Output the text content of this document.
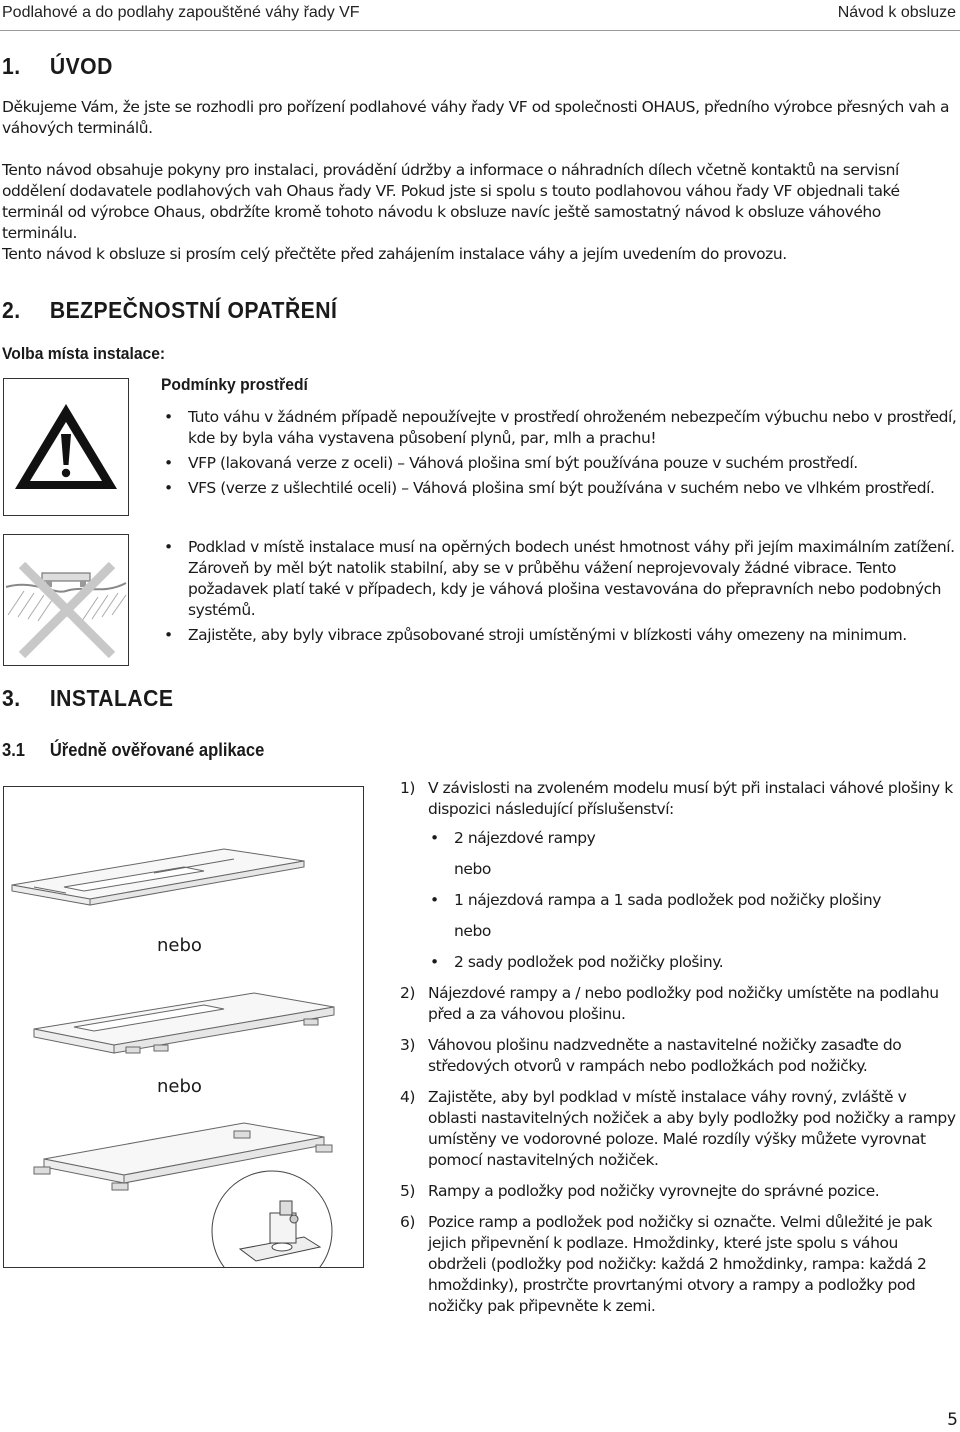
Podlahové a do podlahy zapouštěné váhy řady VF	Návod k obsluze
1. ÚVOD

Děkujeme Vám, že jste se rozhodli pro pořízení podlahové váhy řady VF od společnosti OHAUS, předního výrobce přesných vah a váhových terminálů.

Tento návod obsahuje pokyny pro instalaci, provádění údržby a informace o náhradních dílech včetně kontaktů na servisní oddělení dodavatele podlahových vah Ohaus řady VF. Pokud jste si spolu s touto podlahovou váhou řady VF objednali také terminál od výrobce Ohaus, obdržíte kromě tohoto návodu k obsluze navíc ještě samostatný návod k obsluze váhového terminálu.

Tento návod k obsluze si prosím celý přečtěte před zahájením instalace váhy a jejím uvedením do provozu.

2. BEZPEČNOSTNÍ OPATŘENÍ
Volba místa instalace:
Podmínky prostředí
• Tuto váhu v žádném případě nepoužívejte v prostředí ohroženém nebezpečím výbuchu nebo v prostředí, kde by byla váha vystavena působení plynů, par, mlh a prachu!
• VFP (lakovaná verze z oceli) – Váhová plošina smí být používána pouze v suchém prostředí.
• VFS (verze z ušlechtilé oceli) – Váhová plošina smí být používána v suchém nebo ve vlhkém prostředí.
• Podklad v místě instalace musí na opěrných bodech unést hmotnost váhy při jejím maximálním zatížení. Zároveň by měl být natolik stabilní, aby se v průběhu vážení neprojevovaly žádné vibrace. Tento požadavek platí také v případech, kdy je váhová plošina vestavována do přepravních nebo podobných systémů.
• Zajistěte, aby byly vibrace způsobované stroji umístěnými v blízkosti váhy omezeny na minimum.
3. INSTALACE
3.1 Úředně ověřované aplikace
nebo
nebo
1) V závislosti na zvoleném modelu musí být při instalaci váhové plošiny k dispozici následující příslušenství:
• 2 nájezdové rampy
nebo
• 1 nájezdová rampa a 1 sada podložek pod nožičky plošiny
nebo
• 2 sady podložek pod nožičky plošiny.
2) Nájezdové rampy a / nebo podložky pod nožičky umístěte na podlahu před a za váhovou plošinu.
3) Váhovou plošinu nadzvedněte a nastavitelné nožičky zasaďte do středových otvorů v rampách nebo podložkách pod nožičky.
4) Zajistěte, aby byl podklad v místě instalace váhy rovný, zvláště v oblasti nastavitelných nožiček a aby byly podložky pod nožičky a rampy umístěny ve vodorovné poloze. Malé rozdíly výšky můžete vyrovnat pomocí nastavitelných nožiček.
5) Rampy a podložky pod nožičky vyrovnejte do správné pozice.
6) Pozice ramp a podložek pod nožičky si označte. Velmi důležité je pak jejich připevnění k podlaze. Hmoždinky, které jste spolu s váhou obdrželi (podložky pod nožičky: každá 2 hmoždinky, rampa: každá 2 hmoždinky), prostrčte provrtanými otvory a rampy a podložky pod nožičky pak připevněte k zemi.
5
